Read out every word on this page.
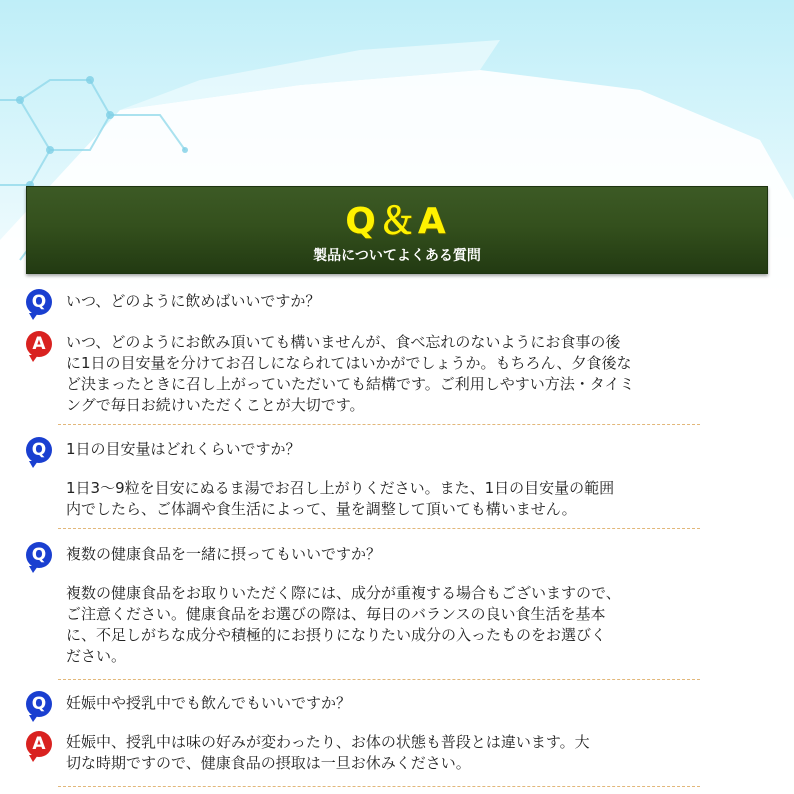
Q＆A
製品についてよくある質問
Q	いつ、どのように飲めばいいですか？
A	いつ、どのようにお飲み頂いても構いませんが、食べ忘れのないようにお食事の後
に1日の目安量を分けてお召しになられてはいかがでしょうか。もちろん、夕食後な
ど決まったときに召し上がっていただいても結構です。ご利用しやすい方法・タイミ
ングで毎日お続けいただくことが大切です。
Q	1日の目安量はどれくらいですか？
1日3～9粒を目安にぬるま湯でお召し上がりください。また、1日の目安量の範囲
内でしたら、ご体調や食生活によって、量を調整して頂いても構いません。
Q	複数の健康食品を一緒に摂ってもいいですか？
複数の健康食品をお取りいただく際には、成分が重複する場合もございますので、
ご注意ください。健康食品をお選びの際は、毎日のバランスの良い食生活を基本
に、不足しがちな成分や積極的にお摂りになりたい成分の入ったものをお選びく
ださい。
Q	妊娠中や授乳中でも飲んでもいいですか？
A	妊娠中、授乳中は味の好みが変わったり、お体の状態も普段とは違います。大
切な時期ですので、健康食品の摂取は一旦お休みください。
